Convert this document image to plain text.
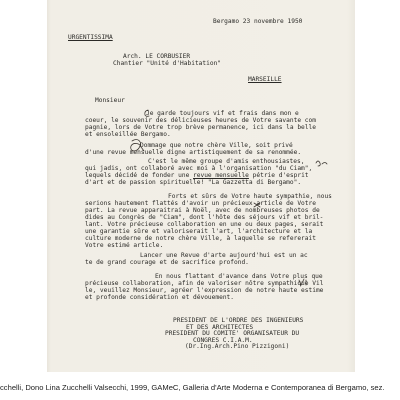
Bergamo 23 novembre 1950
URGENTISSIMA
Arch. LE CORBUSIER
Chantier "Unité d'Habitation"
MARSEILLE
Monsieur
Je garde toujours vif et frais dans mon e
coeur, le souvenir des délicieuses heures de Votre savante com
pagnie, lors de Votre trop brève permanence, ici dans la belle
et ensoleillée Bergamo.
Dommage que notre chère Ville, soit privé
d'une revue mensuelle digne artistiquement de sa renommée.
C'est le même groupe d'amis enthousiastes,
qui jadis, ont collaboré avec moi à l'organisation "du Ciam",
lequels décidé de fonder une revue mensuelle pétrie d'esprit
d'art et de passion spirituelle! "La Gazzetta di Bergamo".
Forts et sûrs de Votre haute sympathie, nous
serions hautement flattés d'avoir un précieux article de Votre
part. La revue apparaitrai à Noël, avec de nombreuses photos de
dides au Congrès de "Ciam", dont l'hôte des séjours vif et bril-
lant. Votre précieuse collaboration en une ou deux pages, serait
une garantie sûre et valoriserait l'art, l'architecture et la
culture moderne de notre chère Ville, à laquelle se refererait
Votre estimé article.
Lancer une Revue d'arte aujourd'hui est un ac
te de grand courage et de sacrifice profond.
En nous flattant d'avance dans Votre plus que
précieuse collaboration, afin de valoriser nôtre sympathique Vil
le, veuillez Monsieur, agréer l'expression de notre haute estime
et profonde considération et dévouement.
PRESIDENT DE L'ORDRE DES INGENIEURS
ET DES ARCHITECTES
PRESIDENT DU COMITE' ORGANISATEUR DU
CONGRES C.I.A.M.
(Dr.Ing.Arch.Pino Pizzigoni)
cchelli, Dono Lina Zucchelli Valsecchi, 1999, GAMeC, Galleria d'Arte Moderna e Contemporanea di Bergamo, sez.
